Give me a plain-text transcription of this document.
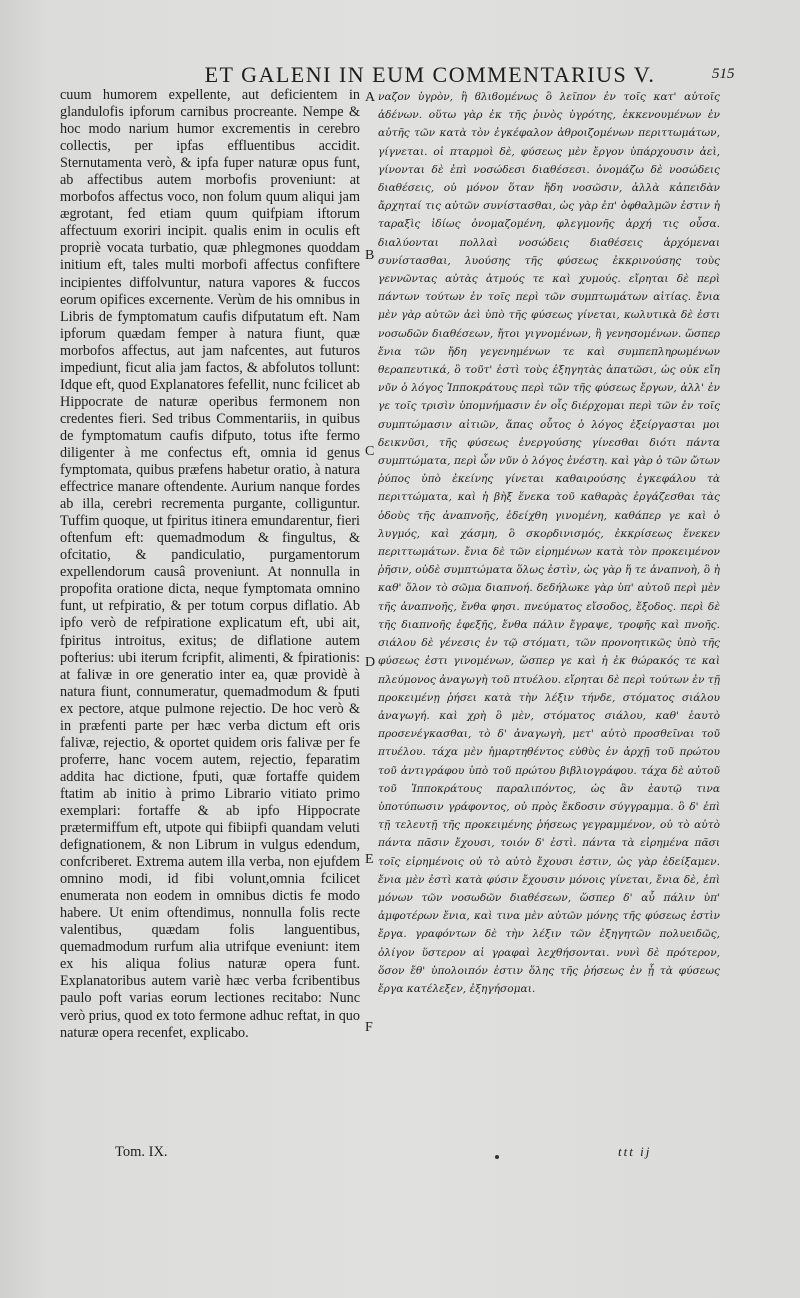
ET GALENI IN EUM COMMENTARIUS V.	515

cuum humorem expellente, aut deficientem in glandulofis ipforum carnibus procreante. Nempe & hoc modo narium humor excrementis in cerebro collectis, per ipfas effluentibus accidit. Sternutamenta verò, & ipfa fuper naturæ opus funt, ab affectibus autem morbofis proveniunt: at morbofos affectus voco, non folum quum aliqui jam ægrotant, fed etiam quum quifpiam iftorum affectuum exoriri incipit. qualis enim in oculis eft propriè vocata turbatio, quæ phlegmones quoddam initium eft, tales multi morbofi affectus confiftere incipientes diffolvuntur, natura vapores & fuccos eorum opifices excernente. Verùm de his omnibus in Libris de fymptomatum caufis difputatum eft. Nam ipforum quædam femper à natura fiunt, quæ morbofos affectus, aut jam nafcentes, aut futuros impediunt, ficut alia jam factos, & abfolutos tollunt: Idque eft, quod Explanatores fefellit, nunc fcilicet ab Hippocrate de naturæ operibus fermonem non credentes fieri. Sed tribus Commentariis, in quibus de fymptomatum caufis difputo, totus ifte fermo diligenter à me confectus eft, omnia id genus fymptomata, quibus præfens habetur oratio, à natura effectrice manare oftendente. Aurium nanque fordes ab illa, cerebri recrementa purgante, colliguntur. Tuffim quoque, ut fpiritus itinera emundarentur, fieri oftenfum eft: quemadmodum & fingultus, & ofcitatio, & pandiculatio, purgamentorum expellendorum causâ proveniunt. At nonnulla in propofita oratione dicta, neque fymptomata omnino funt, ut refpiratio, & per totum corpus diflatio. Ab ipfo verò de refpiratione explicatum eft, ubi ait, fpiritus introitus, exitus; de diflatione autem pofterius: ubi iterum fcripfit, alimenti, & fpirationis: at falivæ in ore generatio inter ea, quæ providè à natura fiunt, connumeratur, quemadmodum & fputi ex pectore, atque pulmone rejectio. De hoc verò & in præfenti parte per hæc verba dictum eft oris falivæ, rejectio, & oportet quidem oris falivæ per fe proferre, hanc vocem autem, rejectio, feparatim addita hac dictione, fputi, quæ fortaffe quidem ftatim ab initio à primo Librario vitiato primo exemplari: fortaffe & ab ipfo Hippocrate prætermiffum eft, utpote qui fibiipfi quandam veluti defignationem, & non Librum in vulgus edendum, confcriberet. Extrema autem illa verba, non ejufdem omnino modi, id fibi volunt,omnia fcilicet enumerata non eodem in omnibus dictis fe modo habere. Ut enim oftendimus, nonnulla folis recte valentibus, quædam folis languentibus, quemadmodum rurfum alia utrifque eveniunt: item ex his aliqua folius naturæ opera funt. Explanatoribus autem variè hæc verba fcribentibus paulo poft varias eorum lectiones recitabo: Nunc verò prius, quod ex toto fermone adhuc reftat, in quo naturæ opera recenfet, explicabo.

A
B
C
D
E
F

ναζον ὑγρὸν, ἢ ϐλιϐομένως ὃ λεῖπον ἐν τοῖς κατ' αὐτοῖς ἀδένων. οὕτω γὰρ ἐκ τῆς ῥινὸς ὑγρότης, ἐκκενουμένων ἐν αὐτῆς τῶν κατὰ τὸν ἐγκέφαλον ἀθροιζομένων περιττωμάτων, γίγνεται. οἱ πταρμοὶ δὲ, φύσεως μὲν ἔργον ὑπάρχουσιν ἀεὶ, γίνονται δὲ ἐπὶ νοσώδεσι διαθέσεσι. ὀνομάζω δὲ νοσώδεις διαθέσεις, οὐ μόνον ὅταν ἤδη νοσῶσιν, ἀλλὰ κἀπειδὰν ἄρχηταί τις αὐτῶν συνίστασθαι, ὡς γὰρ ἐπ' ὀφθαλμῶν ἐστιν ἡ ταραξὶς ἰδίως ὀνομαζομένη, φλεγμονῆς ἀρχή τις οὖσα. διαλύονται πολλαὶ νοσώδεις διαθέσεις ἀρχόμεναι συνίστασθαι, λυούσης τῆς φύσεως ἐκκρινούσης τοὺς γεννῶντας αὐτὰς ἀτμούς τε καὶ χυμούς. εἴρηται δὲ περὶ πάντων τούτων ἐν τοῖς περὶ τῶν συμπτωμάτων αἰτίας. ἔνια μὲν γὰρ αὐτῶν ἀεὶ ὑπὸ τῆς φύσεως γίνεται, κωλυτικὰ δὲ ἐστι νοσωδῶν διαθέσεων, ἤτοι γιγνομένων, ἢ γενησομένων. ὥσπερ ἔνια τῶν ἤδη γεγενημένων τε καὶ συμπεπληρωμένων θεραπευτικά, ὃ τοῦτ' ἐστὶ τοὺς ἐξηγητὰς ἀπατῶσι, ὡς οὐκ εἴη νῦν ὁ λόγος Ἱπποκράτους περὶ τῶν τῆς φύσεως ἔργων, ἀλλ' ἐν γε τοῖς τρισὶν ὑπομνήμασιν ἐν οἷς διέρχομαι περὶ τῶν ἐν τοῖς συμπτώμασιν αἰτιῶν, ἅπας οὗτος ὁ λόγος ἐξείργασται μοι δεικνῦσι, τῆς φύσεως ἐνεργούσης γίνεσθαι διότι πάντα συμπτώματα, περὶ ὧν νῦν ὁ λόγος ἐνέστη. καὶ γὰρ ὁ τῶν ὤτων ῥύπος ὑπὸ ἐκείνης γίνεται καθαιρούσης ἐγκεφάλου τὰ περιττώματα, καὶ ἡ βὴξ ἕνεκα τοῦ καθαρὰς ἐργάζεσθαι τὰς ὁδοὺς τῆς ἀναπνοῆς, ἐδείχθη γινομένη, καθάπερ γε καὶ ὁ λυγμός, καὶ χάσμη, ὃ σκορδινισμός, ἐκκρίσεως ἕνεκεν περιττωμάτων. ἔνια δὲ τῶν εἰρημένων κατὰ τὸν προκειμένον ῥῆσιν, οὐδὲ συμπτώματα ὅλως ἐστὶν, ὡς γὰρ ἥ τε ἀναπνοὴ, ὃ ἡ καθ' ὅλον τὸ σῶμα διαπνοή. δεδήλωκε γὰρ ὑπ' αὐτοῦ περὶ μὲν τῆς ἀναπνοῆς, ἔνθα φησι. πνεύματος εἴσοδος, ἔξοδος. περὶ δὲ τῆς διαπνοῆς ἐφεξῆς, ἔνθα πάλιν ἔγραψε, τροφῆς καὶ πνοῆς. σιάλου δὲ γένεσις ἐν τῷ στόματι, τῶν προνοητικῶς ὑπὸ τῆς φύσεως ἐστι γινομένων, ὥσπερ γε καὶ ἡ ἐκ θώρακός τε καὶ πλεύμονος ἀναγωγὴ τοῦ πτυέλου. εἴρηται δὲ περὶ τούτων ἐν τῇ προκειμένῃ ῥήσει κατὰ τὴν λέξιν τήνδε, στόματος σιάλου ἀναγωγή. καὶ χρὴ ὃ μὲν, στόματος σιάλου, καθ' ἑαυτὸ προσενέγκασθαι, τὸ δ' ἀναγωγὴ, μετ' αὐτὸ προσθεῖναι τοῦ πτυέλου. τάχα μὲν ἡμαρτηθέντος εὐθὺς ἐν ἀρχῇ τοῦ πρώτου τοῦ ἀντιγράφου ὑπὸ τοῦ πρώτου βιβλιογράφου. τάχα δὲ αὐτοῦ τοῦ Ἱπποκράτους παραλιπόντος, ὡς ἂν ἑαυτῷ τινα ὑποτύπωσιν γράφοντος, οὐ πρὸς ἔκδοσιν σύγγραμμα. ὃ δ' ἐπὶ τῇ τελευτῇ τῆς προκειμένης ῥήσεως γεγραμμένον, οὐ τὸ αὐτὸ πάντα πᾶσιν ἔχουσι, τοιόν δ' ἐστὶ. πάντα τὰ εἰρημένα πᾶσι τοῖς εἰρημένοις οὐ τὸ αὐτὸ ἔχουσι ἐστιν, ὡς γὰρ ἐδείξαμεν. ἔνια μὲν ἐστὶ κατὰ φύσιν ἔχουσιν μόνοις γίνεται, ἔνια δὲ, ἐπὶ μόνων τῶν νοσωδῶν διαθέσεων, ὥσπερ δ' αὖ πάλιν ὑπ' ἀμφοτέρων ἔνια, καὶ τινα μὲν αὐτῶν μόνης τῆς φύσεως ἐστὶν ἔργα. γραφόντων δὲ τὴν λέξιν τῶν ἐξηγητῶν πολυειδῶς, ὀλίγον ὕστερον αἱ γραφαὶ λεχθήσονται. νυνὶ δὲ πρότερον, ὅσον ἔθ' ὑπολοιπόν ἐστιν ὅλης τῆς ῥήσεως ἐν ᾗ τὰ φύσεως ἔργα κατέλεξεν, ἐξηγήσομαι.

Tom. IX.	ttt ij
